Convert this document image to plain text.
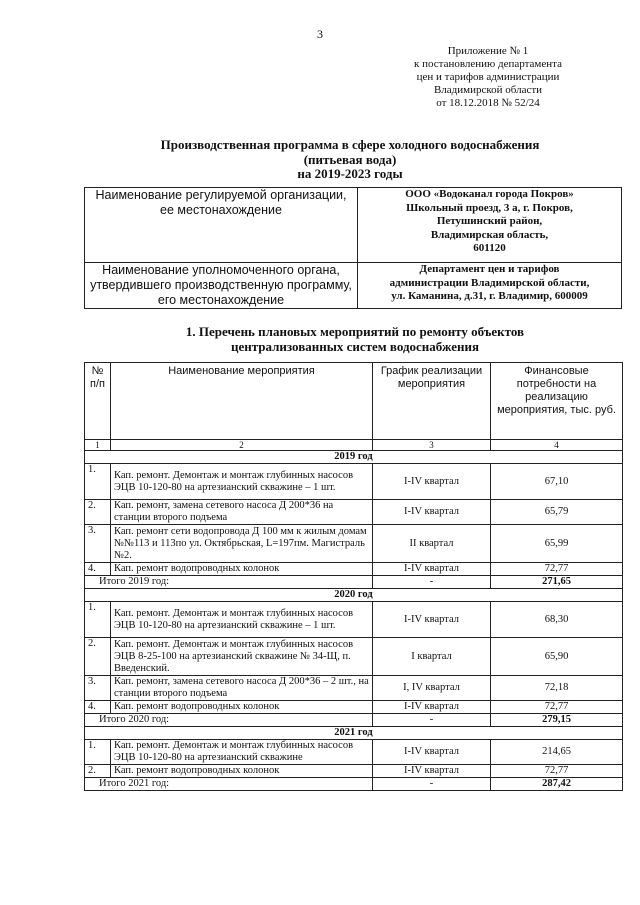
3
Приложение № 1
к постановлению департамента
цен и тарифов администрации
Владимирской области
от 18.12.2018 № 52/24
Производственная программа в сфере холодного водоснабжения
(питьевая вода)
на 2019-2023 годы
Наименование регулируемой организации, ее местонахождение	ООО «Водоканал города Покров»
Школьный проезд, 3 а, г. Покров,
Петушинский район,
Владимирская область,
601120

Наименование уполномоченного органа, утвердившего производственную программу, его местонахождение	Департамент цен и тарифов
администрации Владимирской области,
ул. Каманина, д.31, г. Владимир, 600009
1. Перечень плановых мероприятий по ремонту объектов
централизованных систем водоснабжения
№ п/п	Наименование мероприятия	График реализации мероприятия	Финансовые потребности на реализацию мероприятия, тыс. руб.
1	2	3	4
2019 год			
1.	Кап. ремонт. Демонтаж и монтаж глубинных насосов ЭЦВ 10-120-80 на артезианский скважине – 1 шт.	I-IV квартал	67,10
2.	Кап. ремонт, замена сетевого насоса Д 200*36 на станции второго подъема	I-IV квартал	65,79
3.	Кап. ремонт сети водопровода Д 100 мм к жилым домам №№113 и 113по ул. Октябрьская, L=197пм. Магистраль №2.	II квартал	65,99
4.	Кап. ремонт водопроводных колонок	I-IV квартал	72,77
Итого 2019 год:		-	271,65
2020 год			
1.	Кап. ремонт. Демонтаж и монтаж глубинных насосов ЭЦВ 10-120-80 на артезианский скважине – 1 шт.	I-IV квартал	68,30
2.	Кап. ремонт. Демонтаж и монтаж глубинных насосов ЭЦВ 8-25-100 на артезианский скважине № 34-Щ, п. Введенский.	I квартал	65,90
3.	Кап. ремонт, замена сетевого насоса Д 200*36 – 2 шт., на станции второго подъема	I, IV квартал	72,18
4.	Кап. ремонт водопроводных колонок	I-IV квартал	72,77
Итого 2020 год:		-	279,15
2021 год			
1.	Кап. ремонт. Демонтаж и монтаж глубинных насосов ЭЦВ 10-120-80 на артезианский скважине	I-IV квартал	214,65
2.	Кап. ремонт водопроводных колонок	I-IV квартал	72,77
Итого 2021 год:		-	287,42
